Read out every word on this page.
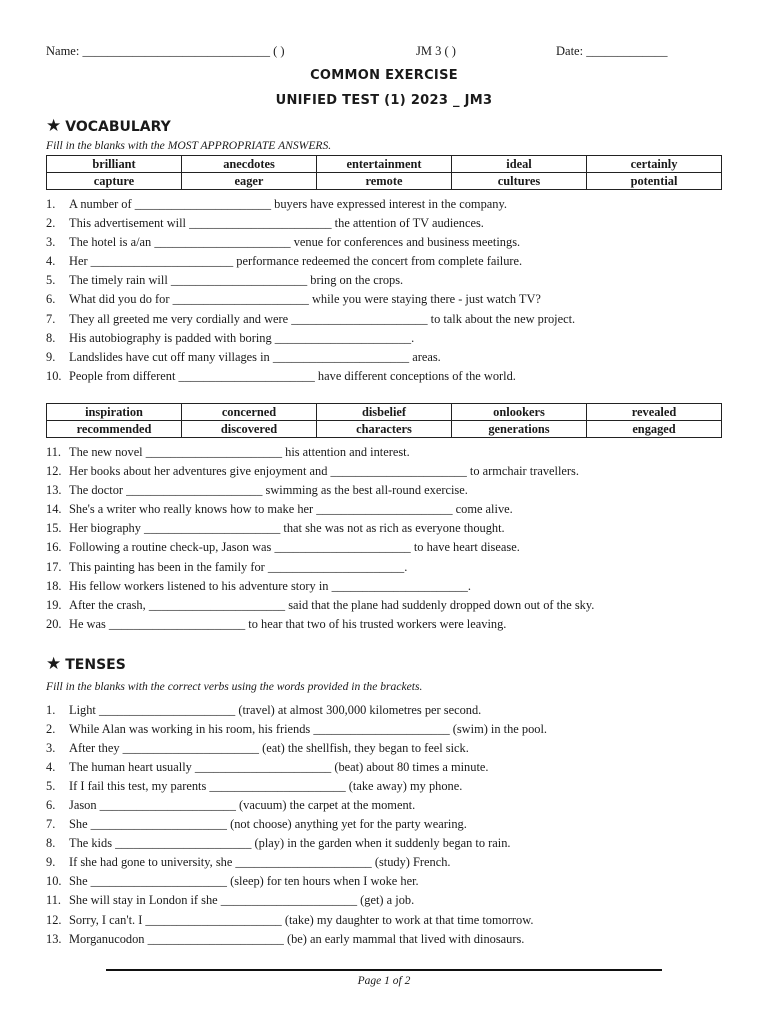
Name: ______________________________ ( )	JM 3 ( )	Date: _____________
COMMON EXERCISE
UNIFIED TEST (1) 2023 _ JM3
★ VOCABULARY
Fill in the blanks with the MOST APPROPRIATE ANSWERS.
brilliant	anecdotes	entertainment	ideal	certainly
capture	eager	remote	cultures	potential
1. A number of ______________________ buyers have expressed interest in the company.
2. This advertisement will _______________________ the attention of TV audiences.
3. The hotel is a/an ______________________ venue for conferences and business meetings.
4. Her _______________________ performance redeemed the concert from complete failure.
5. The timely rain will ______________________ bring on the crops.
6. What did you do for ______________________ while you were staying there - just watch TV?
7. They all greeted me very cordially and were ______________________ to talk about the new project.
8. His autobiography is padded with boring ______________________.
9. Landslides have cut off many villages in ______________________ areas.
10. People from different ______________________ have different conceptions of the world.
inspiration	concerned	disbelief	onlookers	revealed
recommended	discovered	characters	generations	engaged
11. The new novel ______________________ his attention and interest.
12. Her books about her adventures give enjoyment and ______________________ to armchair travellers.
13. The doctor ______________________ swimming as the best all-round exercise.
14. She's a writer who really knows how to make her ______________________ come alive.
15. Her biography ______________________ that she was not as rich as everyone thought.
16. Following a routine check-up, Jason was ______________________ to have heart disease.
17. This painting has been in the family for ______________________.
18. His fellow workers listened to his adventure story in ______________________.
19. After the crash, ______________________ said that the plane had suddenly dropped down out of the sky.
20. He was ______________________ to hear that two of his trusted workers were leaving.
★ TENSES
Fill in the blanks with the correct verbs using the words provided in the brackets.
1. Light ______________________ (travel) at almost 300,000 kilometres per second.
2. While Alan was working in his room, his friends ______________________ (swim) in the pool.
3. After they ______________________ (eat) the shellfish, they began to feel sick.
4. The human heart usually ______________________ (beat) about 80 times a minute.
5. If I fail this test, my parents ______________________ (take away) my phone.
6. Jason ______________________ (vacuum) the carpet at the moment.
7. She ______________________ (not choose) anything yet for the party wearing.
8. The kids ______________________ (play) in the garden when it suddenly began to rain.
9. If she had gone to university, she ______________________ (study) French.
10. She ______________________ (sleep) for ten hours when I woke her.
11. She will stay in London if she ______________________ (get) a job.
12. Sorry, I can't. I ______________________ (take) my daughter to work at that time tomorrow.
13. Morganucodon ______________________ (be) an early mammal that lived with dinosaurs.
Page 1 of 2
